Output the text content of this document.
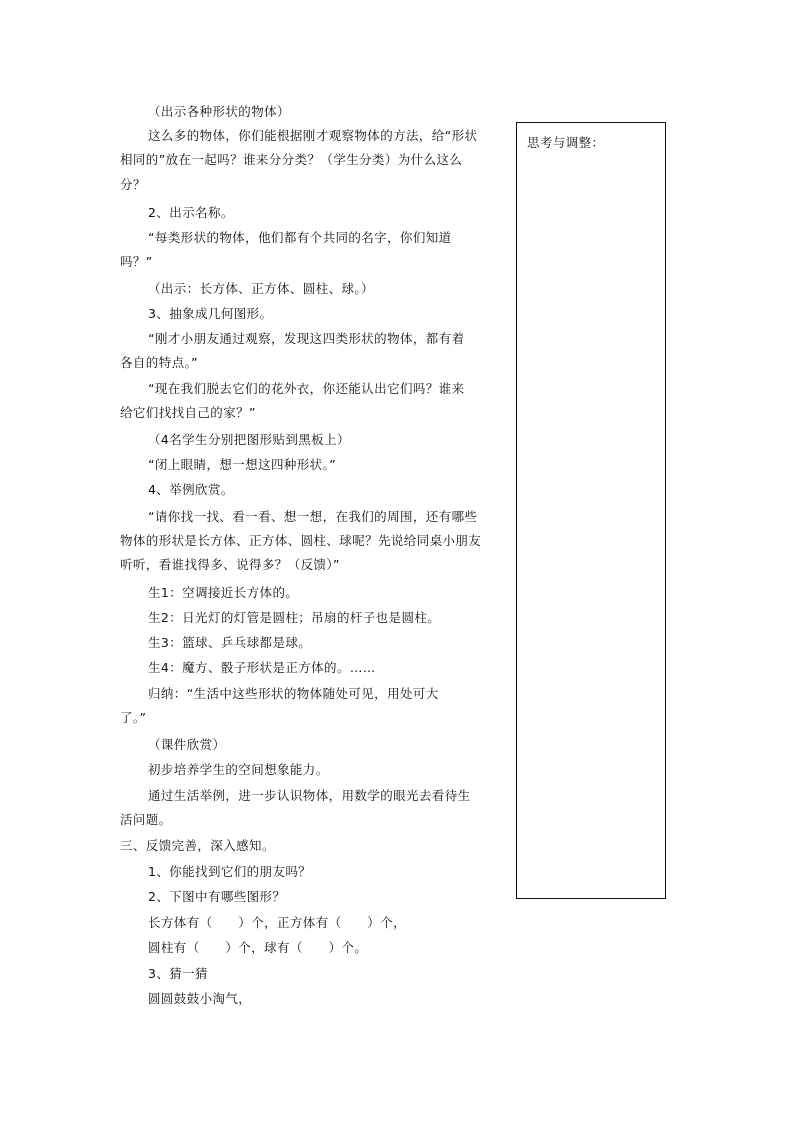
（出示各种形状的物体）
这么多的物体，你们能根据刚才观察物体的方法，给“形状
相同的”放在一起吗？谁来分分类？（学生分类）为什么这么
分？
2、出示名称。
“每类形状的物体，他们都有个共同的名字，你们知道
吗？”
（出示：长方体、正方体、圆柱、球。）
3、抽象成几何图形。
“刚才小朋友通过观察，发现这四类形状的物体，都有着
各自的特点。”
“现在我们脱去它们的花外衣，你还能认出它们吗？谁来
给它们找找自己的家？”
（4名学生分别把图形贴到黑板上）
“闭上眼睛，想一想这四种形状。”
4、举例欣赏。
“请你找一找、看一看、想一想，在我们的周围，还有哪些
物体的形状是长方体、正方体、圆柱、球呢？先说给同桌小朋友
听听，看谁找得多、说得多？（反馈）”
生1：空调接近长方体的。
生2：日光灯的灯管是圆柱；吊扇的杆子也是圆柱。
生3：篮球、乒乓球都是球。
生4：魔方、骰子形状是正方体的。……
归纳：“生活中这些形状的物体随处可见，用处可大
了。”
（课件欣赏）
初步培养学生的空间想象能力。
通过生活举例，进一步认识物体，用数学的眼光去看待生
活问题。
三、反馈完善，深入感知。
1、你能找到它们的朋友吗？
2、下图中有哪些图形？
长方体有（　　）个，正方体有（　　）个，
圆柱有（　　）个，球有（　　）个。
3、猜一猜
圆圆鼓鼓小淘气，
思考与调整：
